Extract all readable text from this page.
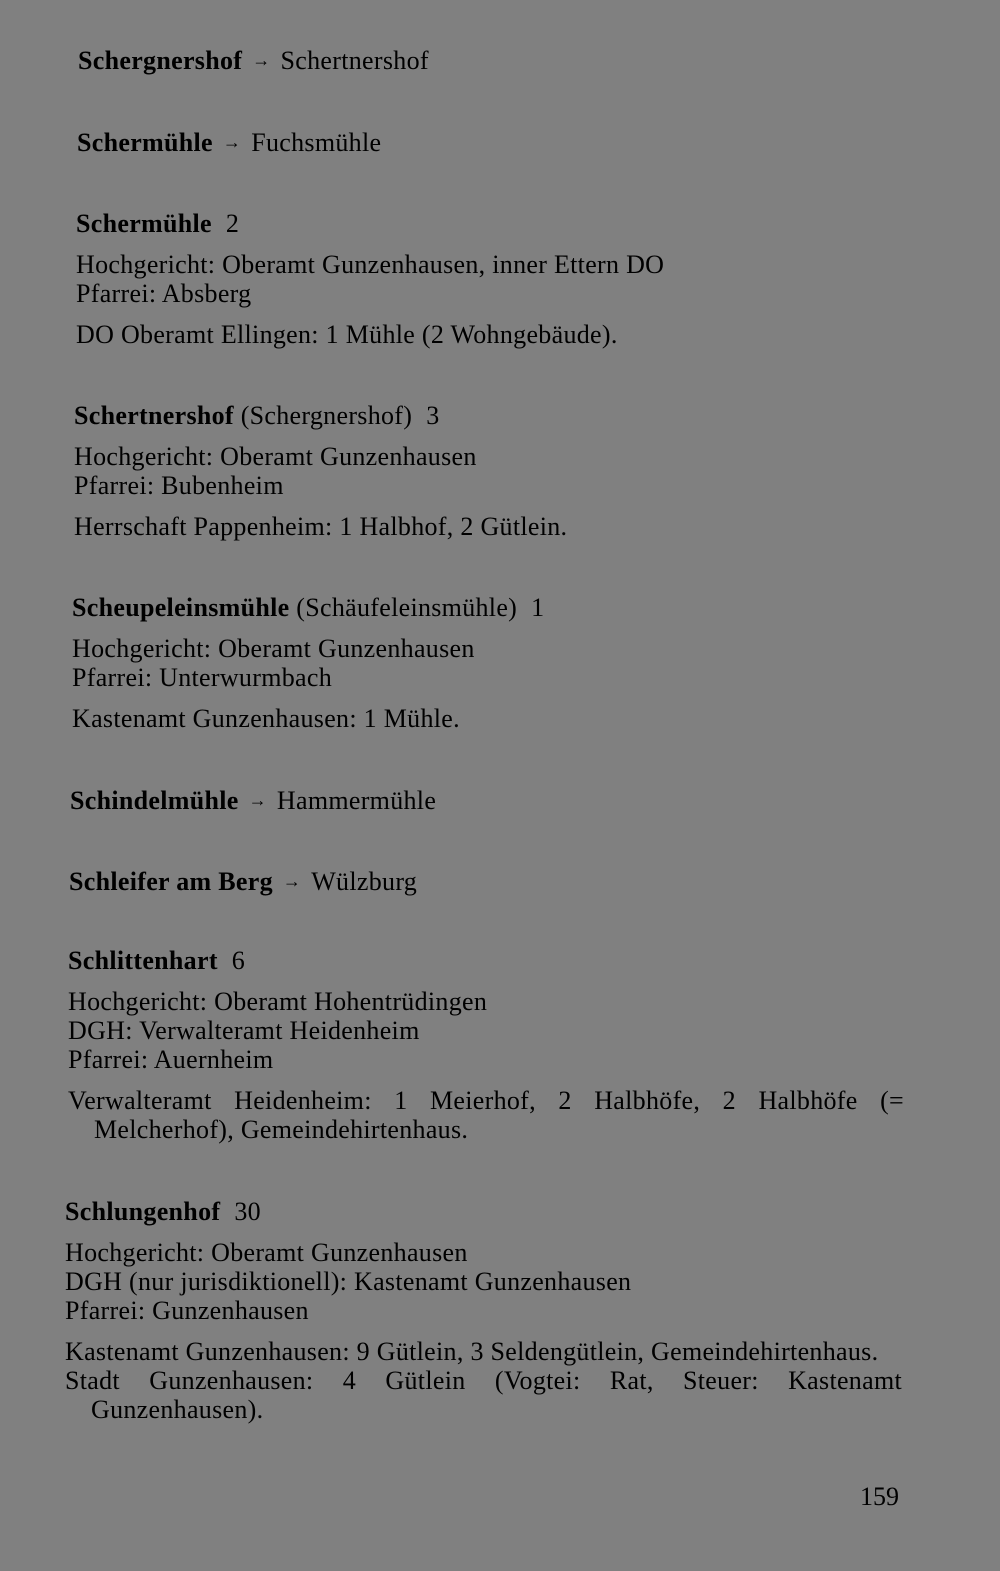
Schergnershof → Schertnershof
Schermühle → Fuchsmühle
Schermühle 2
Hochgericht: Oberamt Gunzenhausen, inner Ettern DO
Pfarrei: Absberg
DO Oberamt Ellingen: 1 Mühle (2 Wohngebäude).
Schertnershof (Schergnershof) 3
Hochgericht: Oberamt Gunzenhausen
Pfarrei: Bubenheim
Herrschaft Pappenheim: 1 Halbhof, 2 Gütlein.
Scheupeleinsmühle (Schäufeleinsmühle) 1
Hochgericht: Oberamt Gunzenhausen
Pfarrei: Unterwurmbach
Kastenamt Gunzenhausen: 1 Mühle.
Schindelmühle → Hammermühle
Schleifer am Berg → Wülzburg
Schlittenhart 6
Hochgericht: Oberamt Hohentrüdingen
DGH: Verwalteramt Heidenheim
Pfarrei: Auernheim
Verwalteramt Heidenheim: 1 Meierhof, 2 Halbhöfe, 2 Halbhöfe (= Melcherhof), Gemeindehirtenhaus.
Schlungenhof 30
Hochgericht: Oberamt Gunzenhausen
DGH (nur jurisdiktionell): Kastenamt Gunzenhausen
Pfarrei: Gunzenhausen
Kastenamt Gunzenhausen: 9 Gütlein, 3 Seldengütlein, Gemeindehirtenhaus.
Stadt Gunzenhausen: 4 Gütlein (Vogtei: Rat, Steuer: Kastenamt Gunzenhausen).
159
